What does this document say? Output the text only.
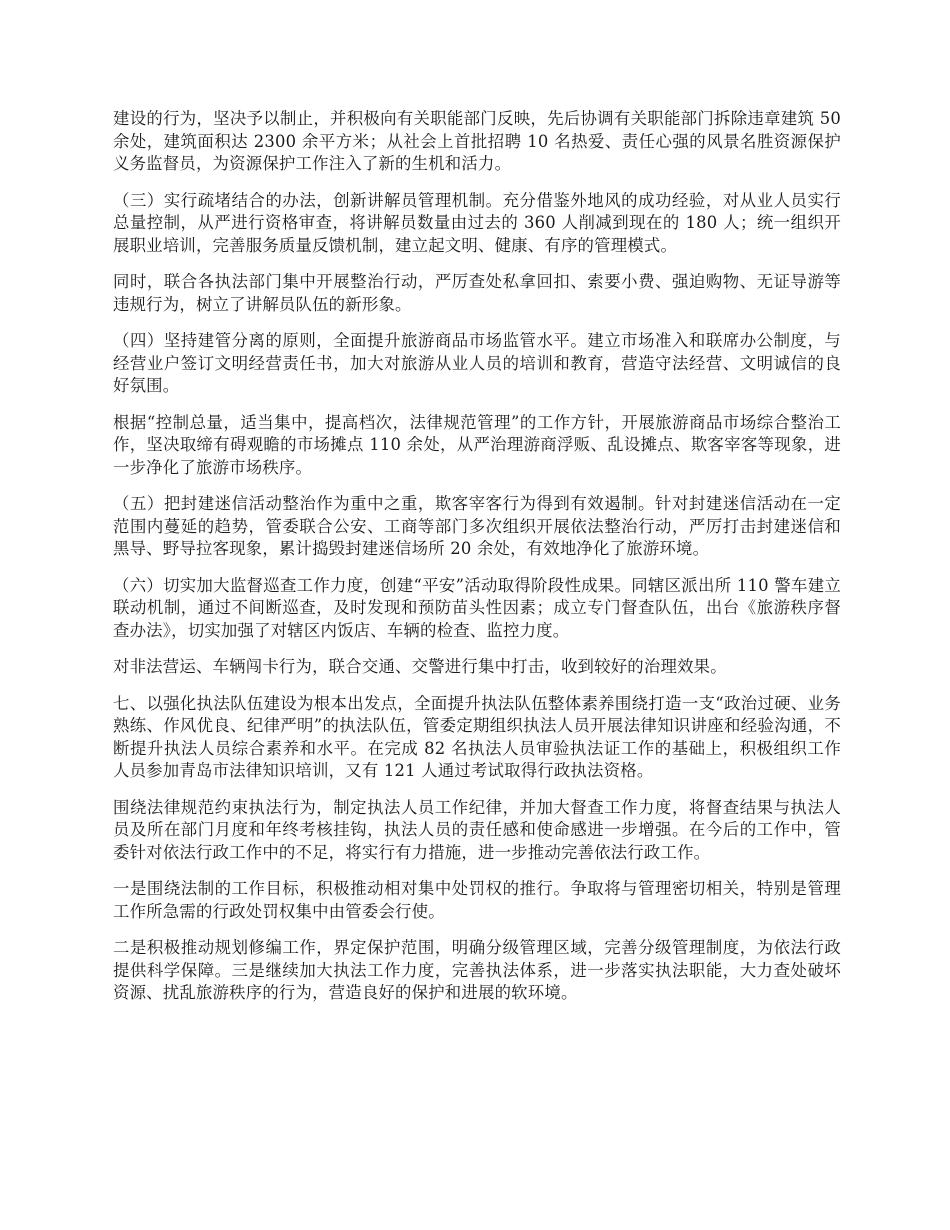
建设的行为，坚决予以制止，并积极向有关职能部门反映，先后协调有关职能部门拆除违章建筑 50 余处，建筑面积达 2300 余平方米；从社会上首批招聘 10 名热爱、责任心强的风景名胜资源保护义务监督员，为资源保护工作注入了新的生机和活力。

（三）实行疏堵结合的办法，创新讲解员管理机制。充分借鉴外地风的成功经验，对从业人员实行总量控制，从严进行资格审查，将讲解员数量由过去的 360 人削减到现在的 180 人；统一组织开展职业培训，完善服务质量反馈机制，建立起文明、健康、有序的管理模式。

同时，联合各执法部门集中开展整治行动，严厉查处私拿回扣、索要小费、强迫购物、无证导游等违规行为，树立了讲解员队伍的新形象。

（四）坚持建管分离的原则，全面提升旅游商品市场监管水平。建立市场准入和联席办公制度，与经营业户签订文明经营责任书，加大对旅游从业人员的培训和教育，营造守法经营、文明诚信的良好氛围。

根据“控制总量，适当集中，提高档次，法律规范管理”的工作方针，开展旅游商品市场综合整治工作，坚决取缔有碍观瞻的市场摊点 110 余处，从严治理游商浮贩、乱设摊点、欺客宰客等现象，进一步净化了旅游市场秩序。

（五）把封建迷信活动整治作为重中之重，欺客宰客行为得到有效遏制。针对封建迷信活动在一定范围内蔓延的趋势，管委联合公安、工商等部门多次组织开展依法整治行动，严厉打击封建迷信和黑导、野导拉客现象，累计捣毁封建迷信场所 20 余处，有效地净化了旅游环境。

（六）切实加大监督巡查工作力度，创建“平安”活动取得阶段性成果。同辖区派出所 110 警车建立联动机制，通过不间断巡查，及时发现和预防苗头性因素；成立专门督查队伍，出台《旅游秩序督查办法》，切实加强了对辖区内饭店、车辆的检查、监控力度。

对非法营运、车辆闯卡行为，联合交通、交警进行集中打击，收到较好的治理效果。

七、以强化执法队伍建设为根本出发点，全面提升执法队伍整体素养围绕打造一支“政治过硬、业务熟练、作风优良、纪律严明”的执法队伍，管委定期组织执法人员开展法律知识讲座和经验沟通，不断提升执法人员综合素养和水平。在完成 82 名执法人员审验执法证工作的基础上，积极组织工作人员参加青岛市法律知识培训，又有 121 人通过考试取得行政执法资格。

围绕法律规范约束执法行为，制定执法人员工作纪律，并加大督查工作力度，将督查结果与执法人员及所在部门月度和年终考核挂钩，执法人员的责任感和使命感进一步增强。在今后的工作中，管委针对依法行政工作中的不足，将实行有力措施，进一步推动完善依法行政工作。

一是围绕法制的工作目标，积极推动相对集中处罚权的推行。争取将与管理密切相关，特别是管理工作所急需的行政处罚权集中由管委会行使。

二是积极推动规划修编工作，界定保护范围，明确分级管理区域，完善分级管理制度，为依法行政提供科学保障。三是继续加大执法工作力度，完善执法体系，进一步落实执法职能，大力查处破坏资源、扰乱旅游秩序的行为，营造良好的保护和进展的软环境。
